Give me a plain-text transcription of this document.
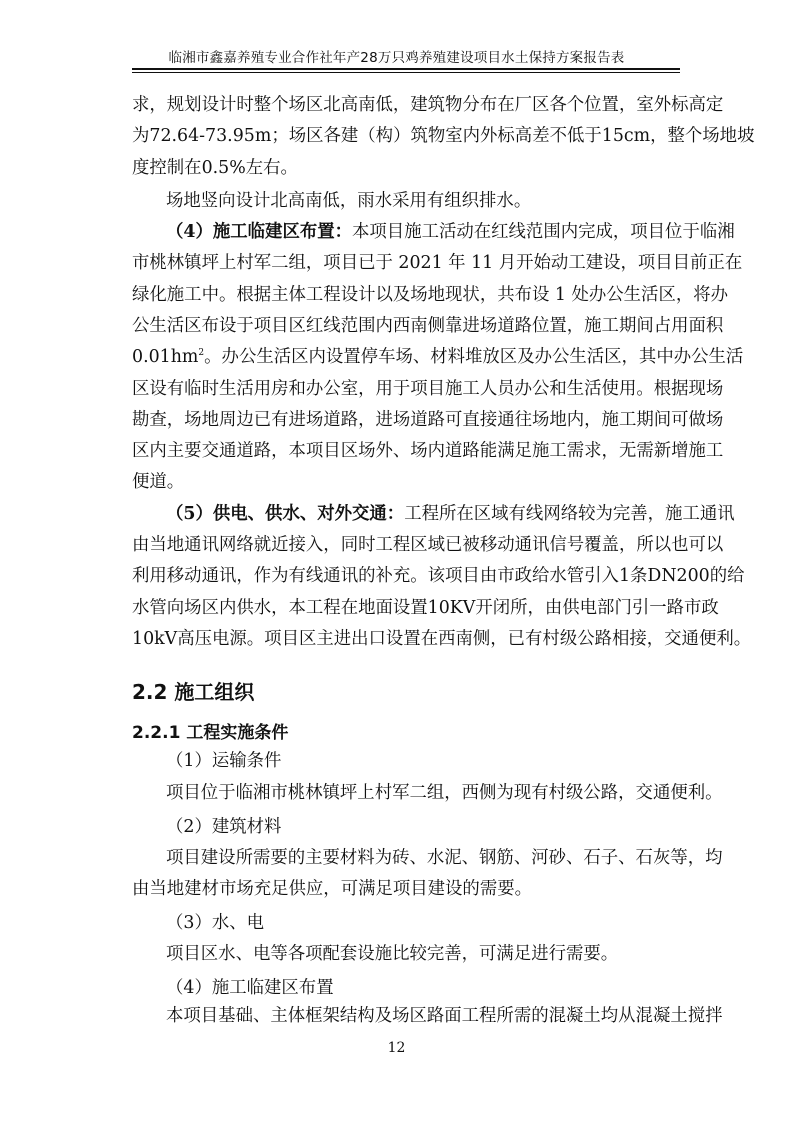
临湘市鑫嘉养殖专业合作社年产28万只鸡养殖建设项目水土保持方案报告表
求，规划设计时整个场区北高南低，建筑物分布在厂区各个位置，室外标高定
为72.64-73.95m；场区各建（构）筑物室内外标高差不低于15cm，整个场地坡
度控制在0.5%左右。
场地竖向设计北高南低，雨水采用有组织排水。
（4）施工临建区布置：本项目施工活动在红线范围内完成，项目位于临湘
市桃林镇坪上村军二组，项目已于 2021 年 11 月开始动工建设，项目目前正在
绿化施工中。根据主体工程设计以及场地现状，共布设 1 处办公生活区，将办
公生活区布设于项目区红线范围内西南侧靠进场道路位置，施工期间占用面积
$0.01hm^2$。办公生活区内设置停车场、材料堆放区及办公生活区，其中办公生活
区设有临时生活用房和办公室，用于项目施工人员办公和生活使用。根据现场
勘查，场地周边已有进场道路，进场道路可直接通往场地内，施工期间可做场
区内主要交通道路，本项目区场外、场内道路能满足施工需求，无需新增施工
便道。
（5）供电、供水、对外交通：工程所在区域有线网络较为完善，施工通讯
由当地通讯网络就近接入，同时工程区域已被移动通讯信号覆盖，所以也可以
利用移动通讯，作为有线通讯的补充。该项目由市政给水管引入1条DN200的给
水管向场区内供水，本工程在地面设置10KV开闭所，由供电部门引一路市政
10kV高压电源。项目区主进出口设置在西南侧，已有村级公路相接，交通便利。
2.2 施工组织
2.2.1 工程实施条件
（1）运输条件
项目位于临湘市桃林镇坪上村军二组，西侧为现有村级公路，交通便利。
（2）建筑材料
项目建设所需要的主要材料为砖、水泥、钢筋、河砂、石子、石灰等，均
由当地建材市场充足供应，可满足项目建设的需要。
（3）水、电
项目区水、电等各项配套设施比较完善，可满足进行需要。
（4）施工临建区布置
本项目基础、主体框架结构及场区路面工程所需的混凝土均从混凝土搅拌
12
